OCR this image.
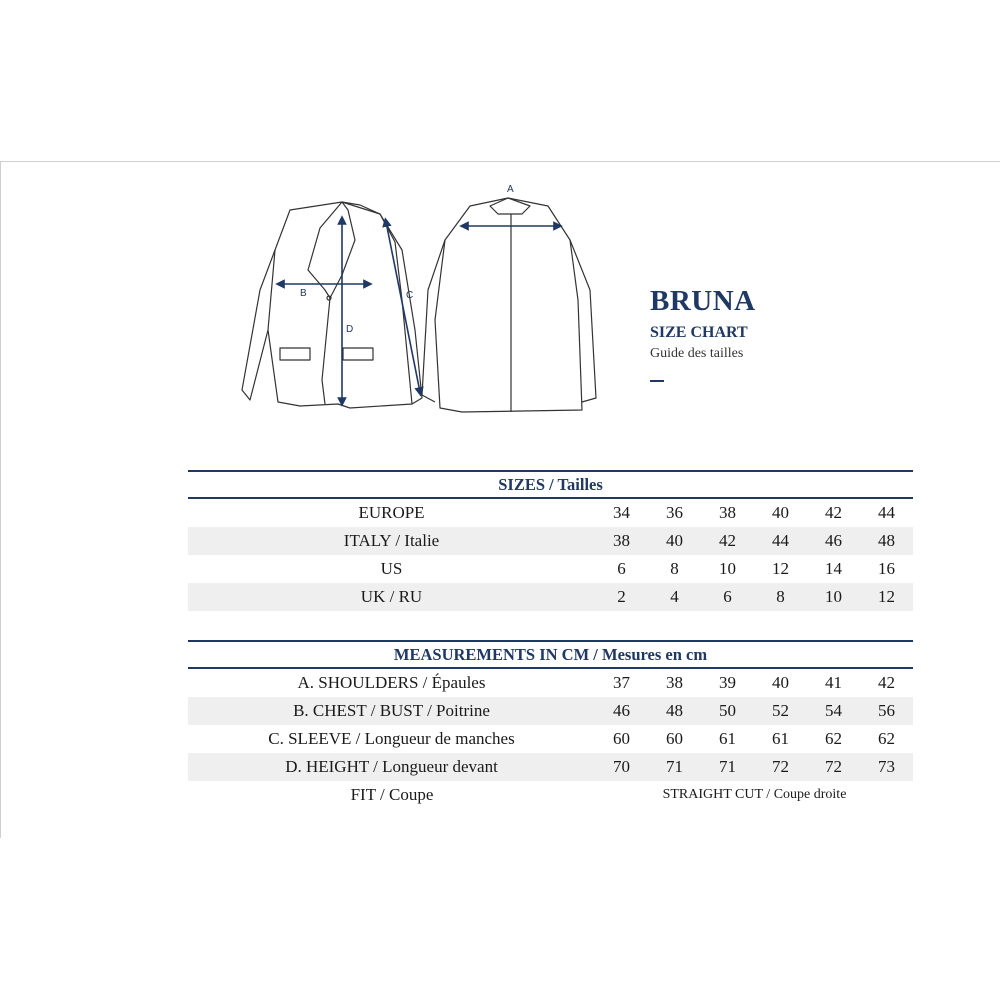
A
B	C
D
BRUNA
SIZE CHART
Guide des tailles
SIZES / Tailles
EUROPE	34	36	38	40	42	44
ITALY / Italie	38	40	42	44	46	48
US	6	8	10	12	14	16
UK / RU	2	4	6	8	10	12
MEASUREMENTS IN CM / Mesures en cm
A. SHOULDERS / Épaules	37	38	39	40	41	42
B. CHEST / BUST / Poitrine	46	48	50	52	54	56
C. SLEEVE / Longueur de manches	60	60	61	61	62	62
D. HEIGHT / Longueur devant	70	71	71	72	72	73
FIT / Coupe	STRAIGHT CUT / Coupe droite
